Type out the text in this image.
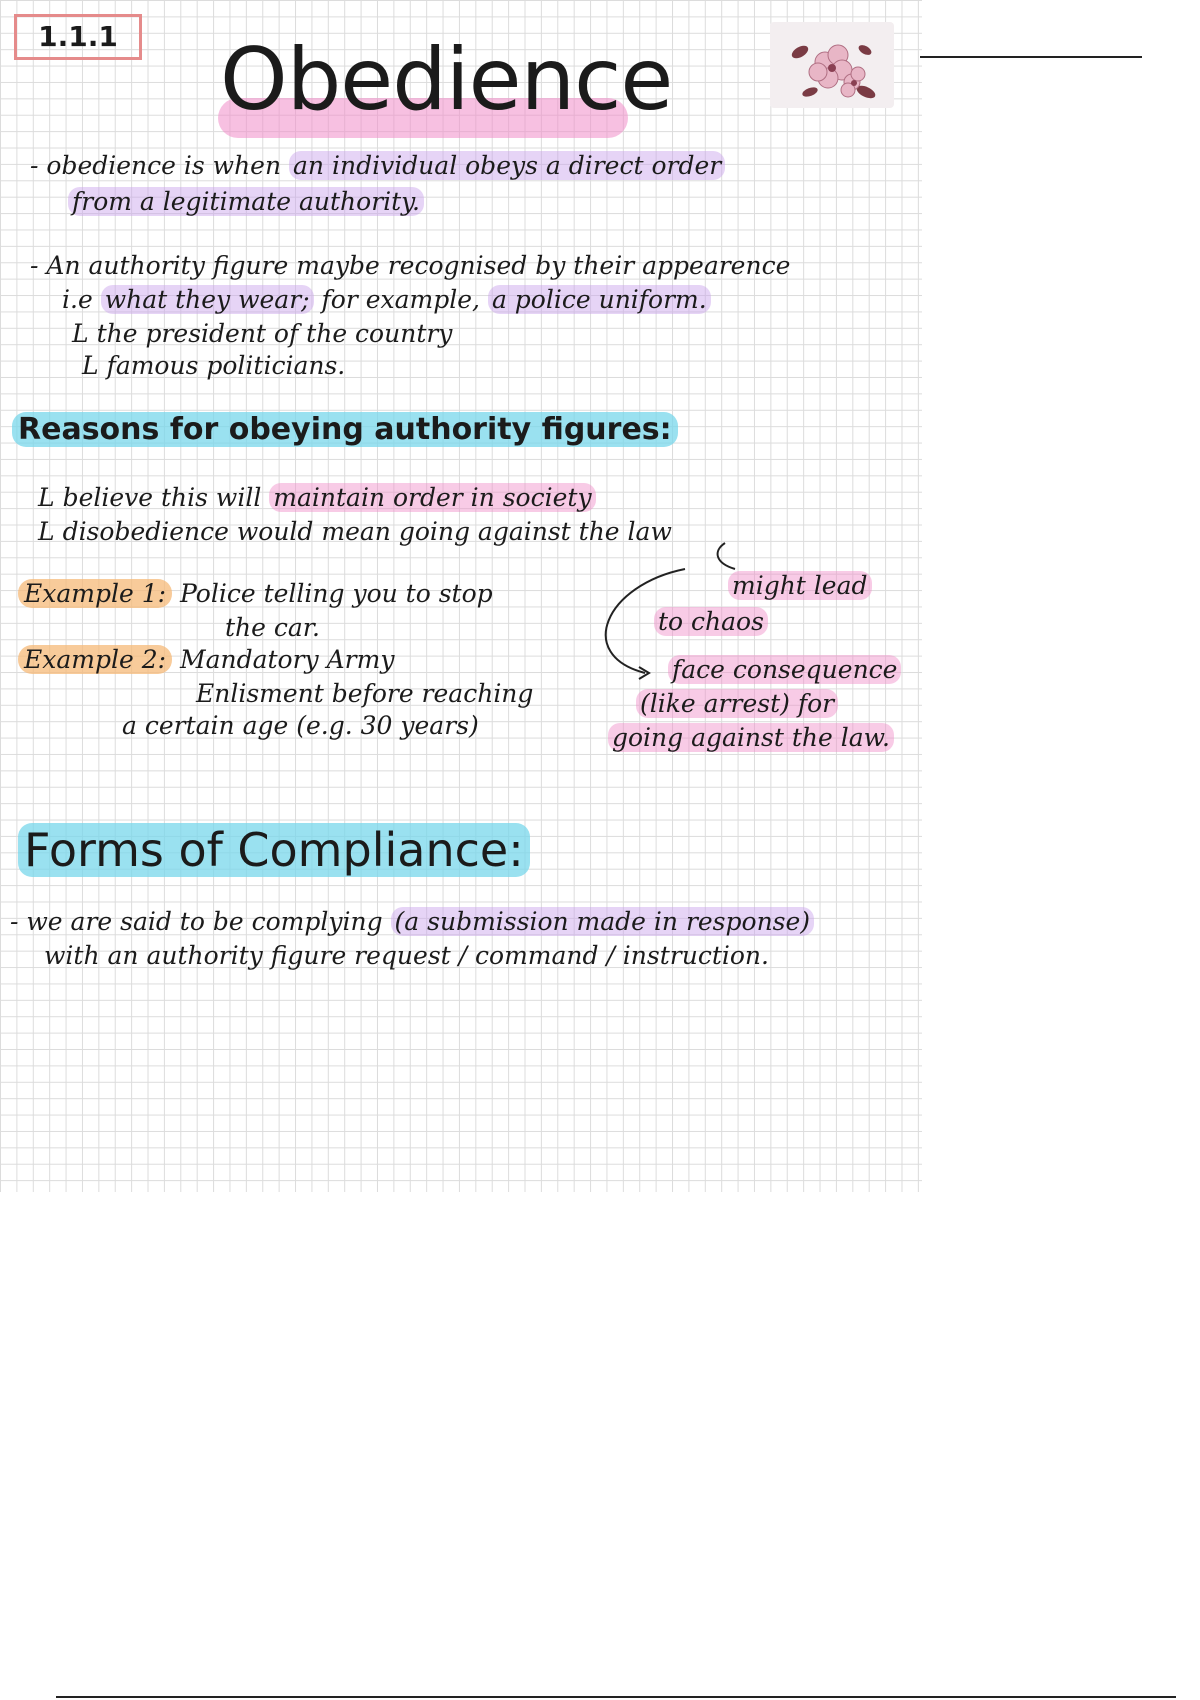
1.1.1 Obedience
- obedience is when an individual obeys a direct order
from a legitimate authority.
- An authority figure maybe recognised by their appearence
i.e what they wear; for example, a police uniform.
L the president of the country
L famous politicians.
Reasons for obeying authority figures:
L believe this will maintain order in society
L disobedience would mean going against the law
might lead
to chaos
face consequence
(like arrest) for
going against the law.
Example 1: Police telling you to stop
the car.
Example 2: Mandatory Army
Enlisment before reaching
a certain age (e.g. 30 years)
Forms of Compliance:
- we are said to be complying (a submission made in response)
with an authority figure request / command / instruction.
